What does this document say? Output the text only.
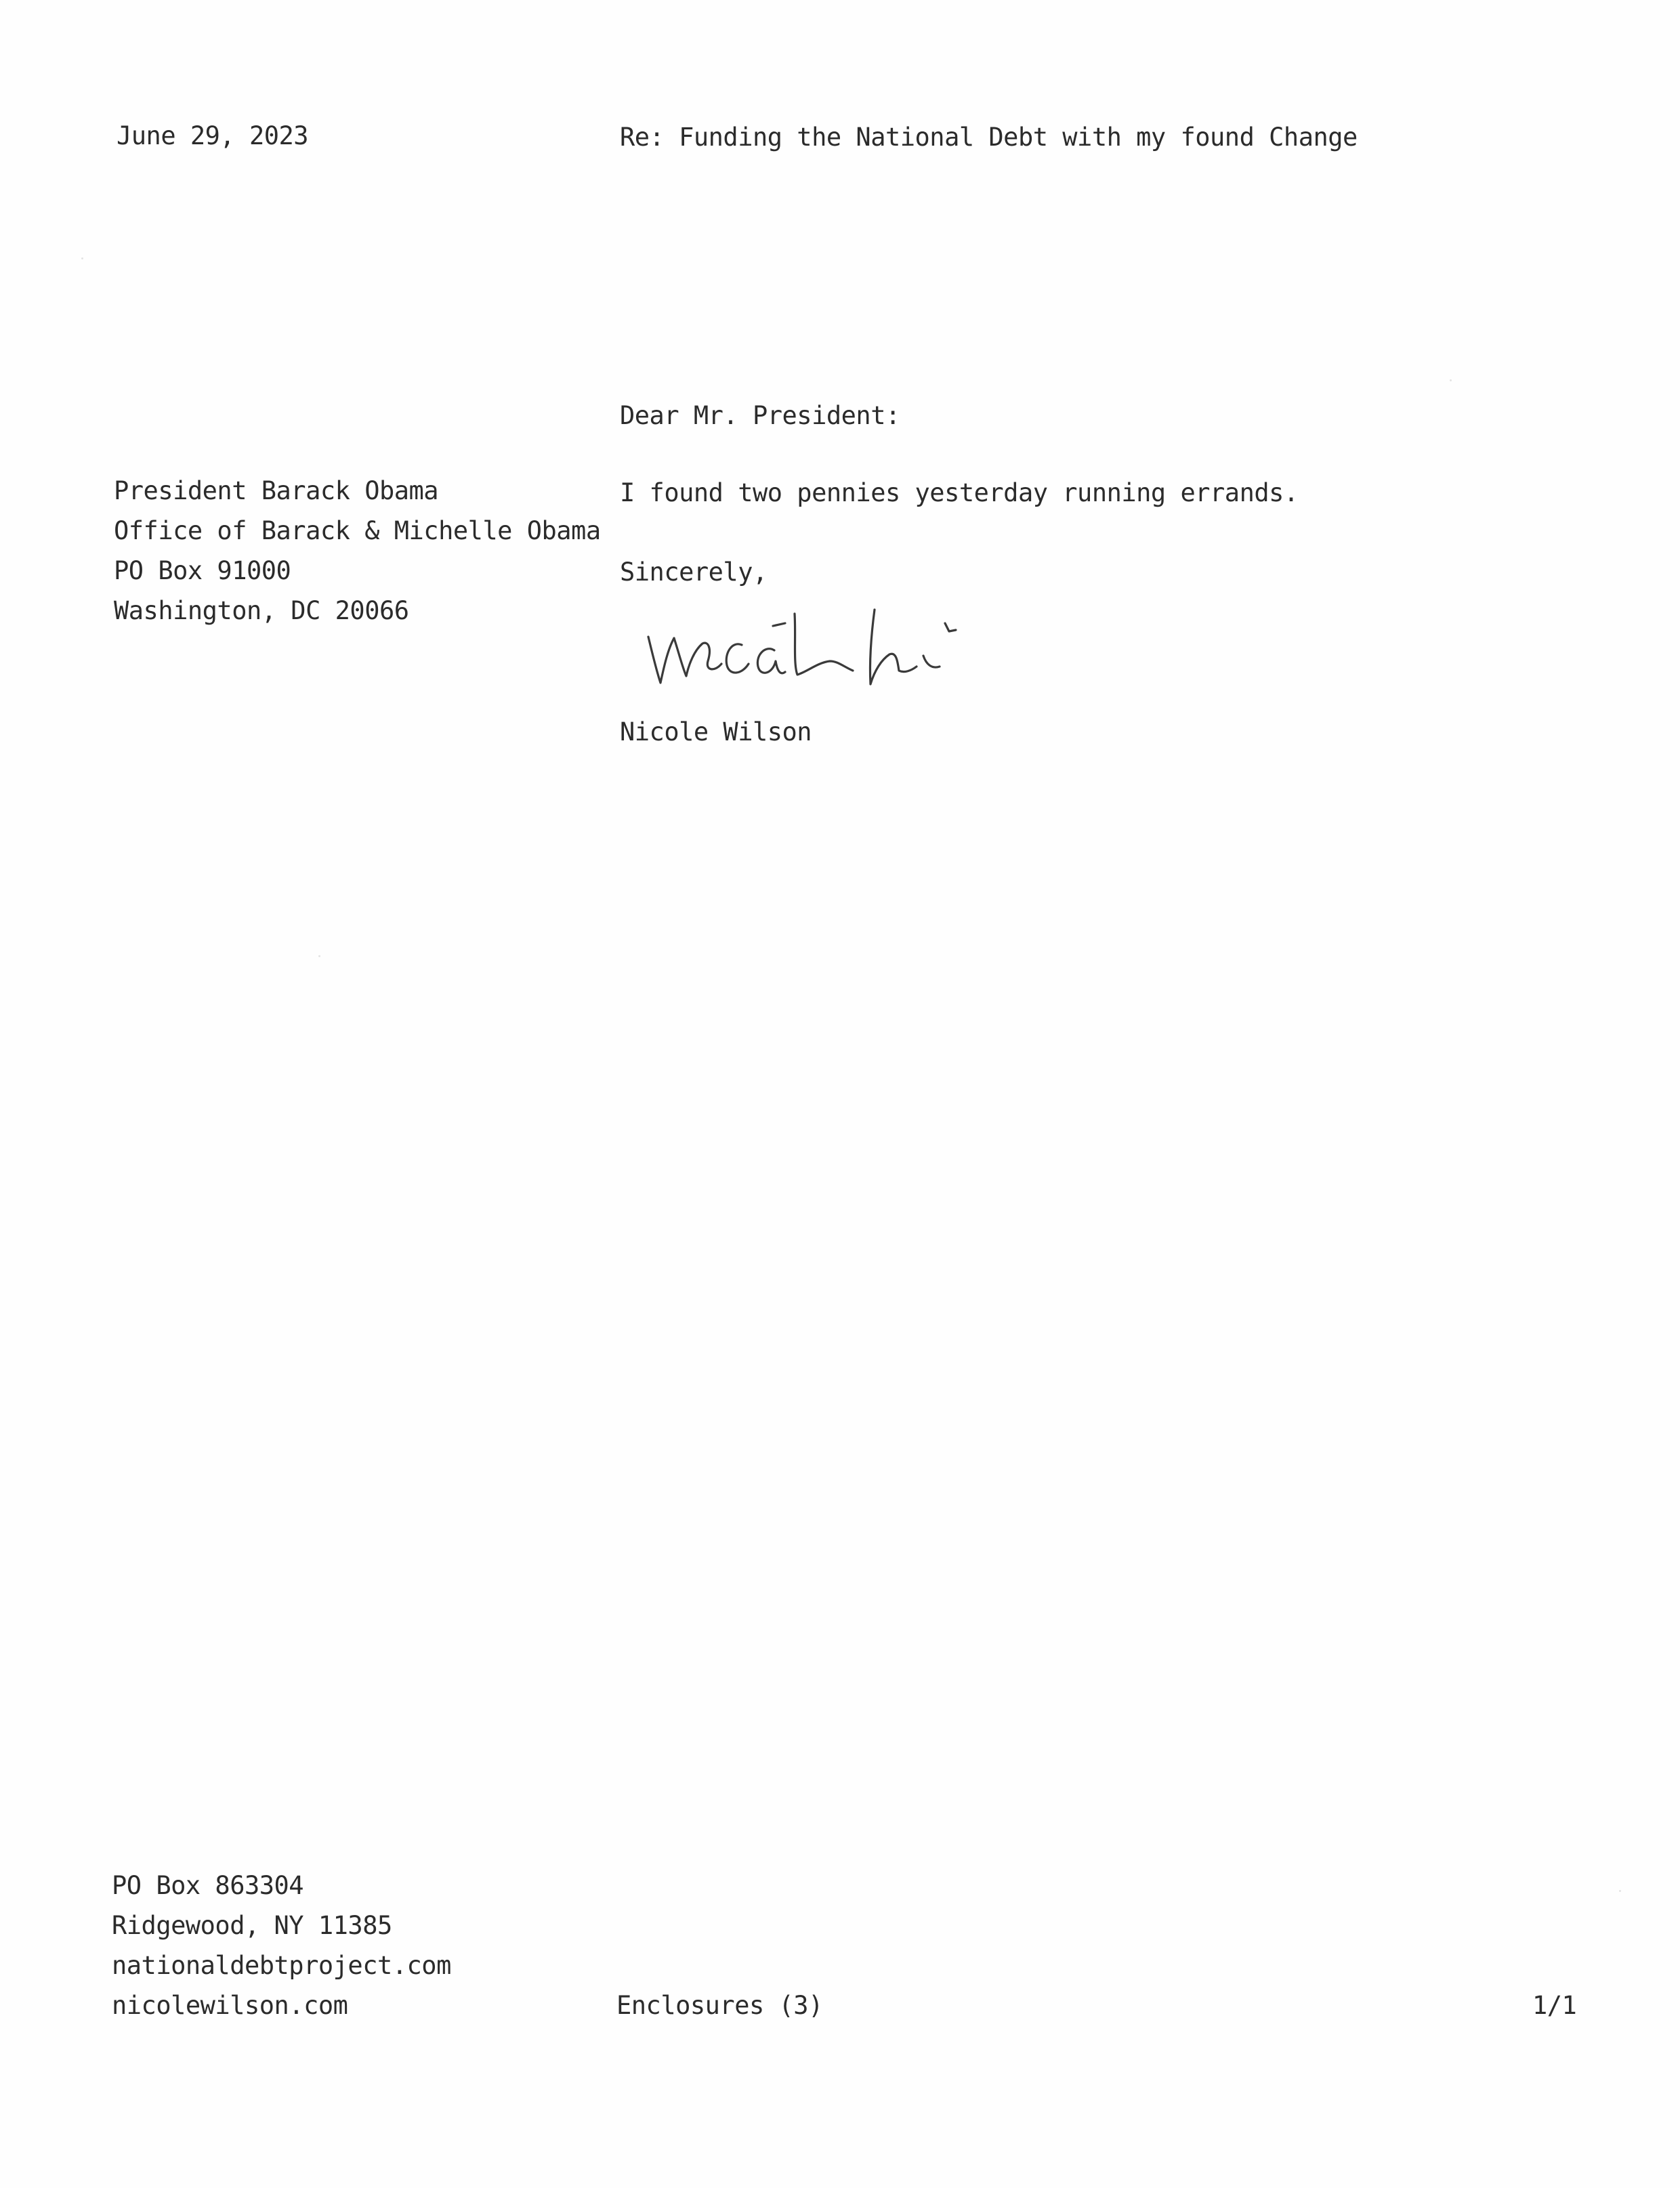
June 29, 2023	Re: Funding the National Debt with my found Change
Dear Mr. President:
President Barack Obama
Office of Barack & Michelle Obama
PO Box 91000
Washington, DC 20066
I found two pennies yesterday running errands.
Sincerely,
Nicole Wilson
PO Box 863304
Ridgewood, NY 11385
nationaldebtproject.com
nicolewilson.com	Enclosures (3)	1/1
